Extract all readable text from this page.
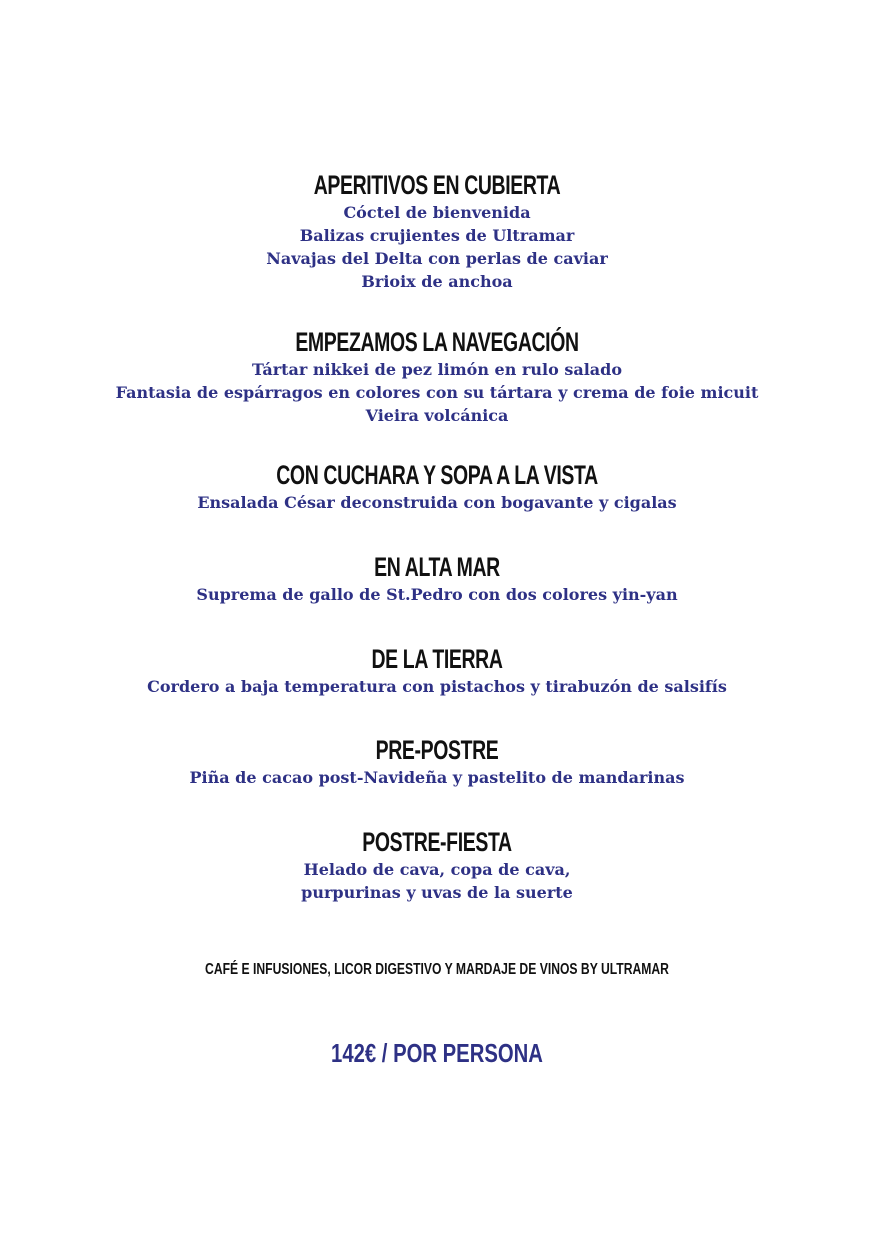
APERITIVOS EN CUBIERTA
Cóctel de bienvenida
Balizas crujientes de Ultramar
Navajas del Delta con perlas de caviar
Brioix de anchoa
EMPEZAMOS LA NAVEGACIÓN
Tártar nikkei de pez limón en rulo salado
Fantasia de espárragos en colores con su tártara y crema de foie micuit
Vieira volcánica
CON CUCHARA Y SOPA A LA VISTA
Ensalada César deconstruida con bogavante y cigalas
EN ALTA MAR
Suprema de gallo de St.Pedro con dos colores yin-yan
DE LA TIERRA
Cordero a baja temperatura con pistachos y tirabuzón de salsifís
PRE-POSTRE
Piña de cacao post-Navideña y pastelito de mandarinas
POSTRE-FIESTA
Helado de cava, copa de cava,
purpurinas y uvas de la suerte
CAFÉ E INFUSIONES, LICOR DIGESTIVO Y MARDAJE DE VINOS BY ULTRAMAR
142€ / POR PERSONA
